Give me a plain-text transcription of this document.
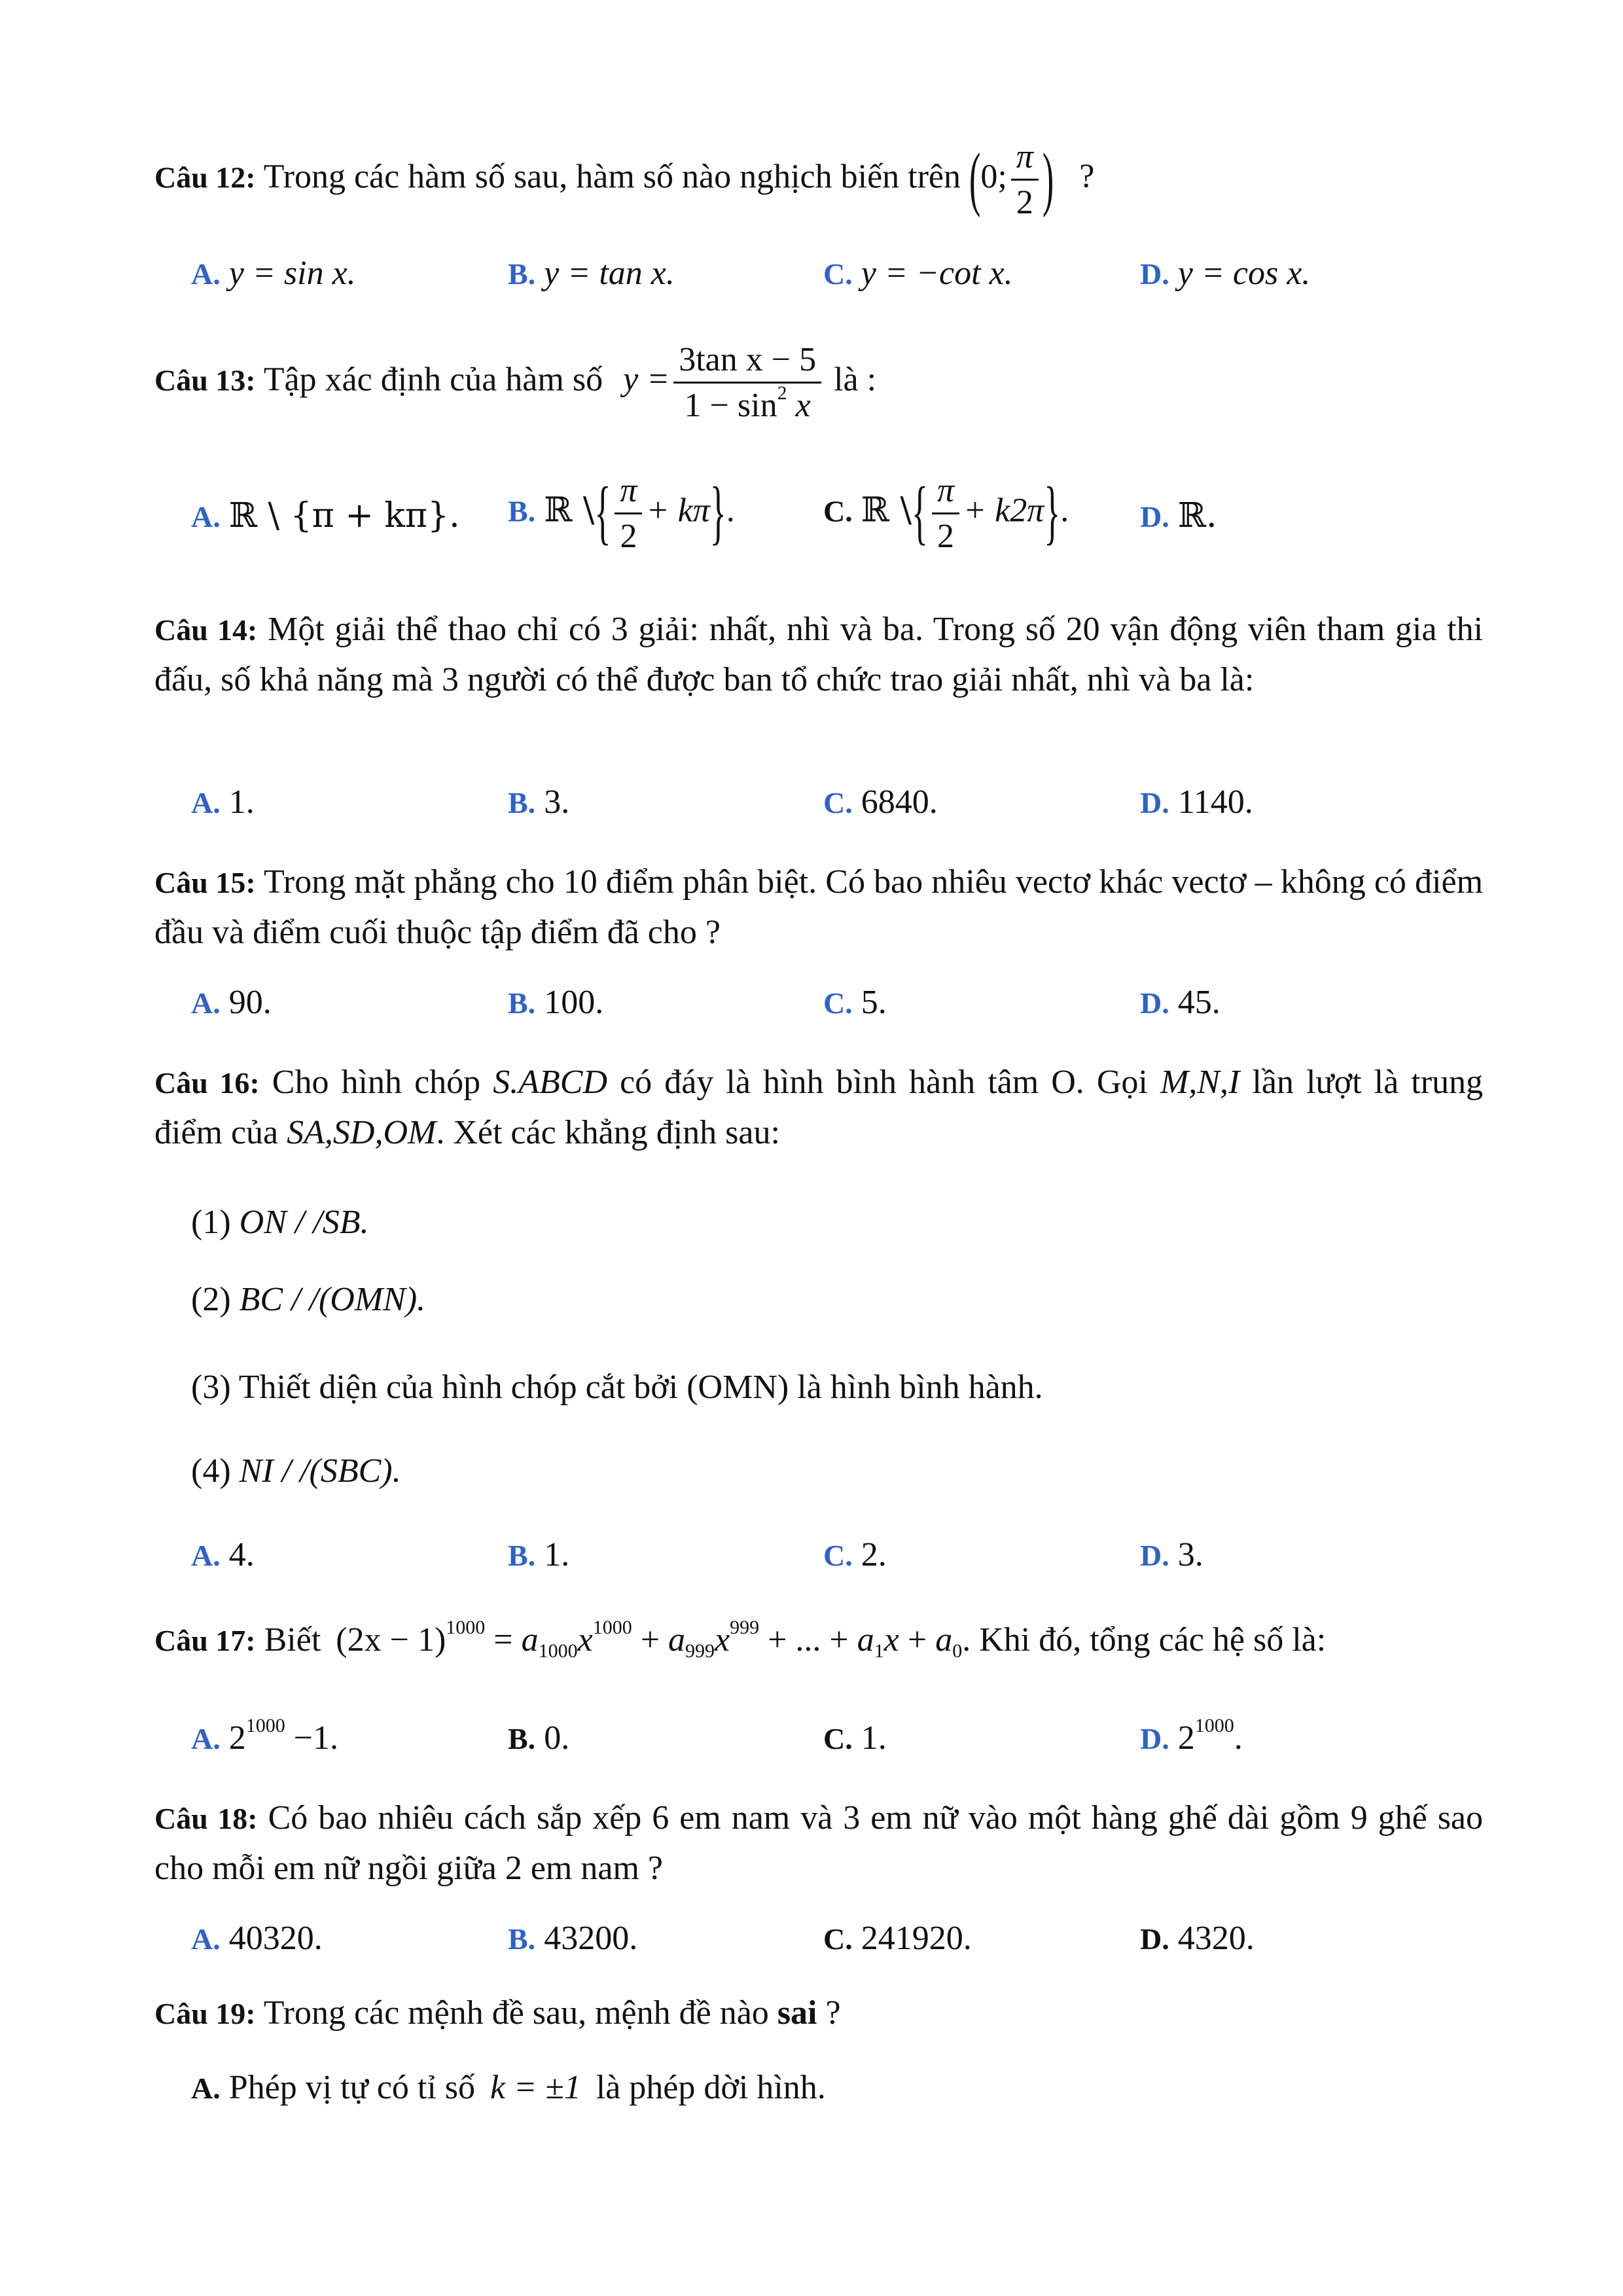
Câu 12: Trong các hàm số sau, hàm số nào nghịch biến trên (0; $\frac{\pi}{2}$ ) ?
A. y = sin x.	B. y = tan x.	C. y = −cot x.	D. y = cos x.
Câu 13: Tập xác định của hàm số $y = \frac{\text{3tan x − 5}}{1 - \sin^2 x}$ là :
A. ℝ \ {π + kπ}. B. ℝ \{ $\frac{\pi}{2} + k\pi$}.	C. ℝ \{ $\frac{\pi}{2} + k2\pi$}. D. ℝ.
Câu 14: Một giải thể thao chỉ có 3 giải: nhất, nhì và ba. Trong số 20 vận động viên tham gia thi đấu, số khả năng mà 3 người có thể được ban tổ chức trao giải nhất, nhì và ba là:
A. 1.	B. 3.	C. 6840.	D. 1140.
Câu 15: Trong mặt phẳng cho 10 điểm phân biệt. Có bao nhiêu vectơ khác vectơ – không có điểm đầu và điểm cuối thuộc tập điểm đã cho ?
A. 90.	B. 100.	C. 5.	D. 45.
Câu 16: Cho hình chóp S.ABCD có đáy là hình bình hành tâm O. Gọi M,N,I lần lượt là trung điểm của SA,SD,OM. Xét các khẳng định sau:
(1) ON / /SB.
(2) BC / /(OMN).
(3) Thiết diện của hình chóp cắt bởi (OMN) là hình bình hành.
(4) NI / /(SBC).
A. 4.	B. 1.	C. 2.	D. 3.
Câu 17: Biết $(2x - 1)^{1000} = a_{1000}x^{1000} + a_{999}x^{999}$ + ... + $a_1x + a_0$. Khi đó, tổng các hệ số là:
A. $2^{1000} -1$.	B. 0.	C. 1.	D. $2^{1000}$.
Câu 18: Có bao nhiêu cách sắp xếp 6 em nam và 3 em nữ vào một hàng ghế dài gồm 9 ghế sao cho mỗi em nữ ngồi giữa 2 em nam ?
A. 40320.	B. 43200.	C. 241920.	D. 4320.
Câu 19: Trong các mệnh đề sau, mệnh đề nào sai ?
A. Phép vị tự có tỉ số k = ±1 là phép dời hình.
